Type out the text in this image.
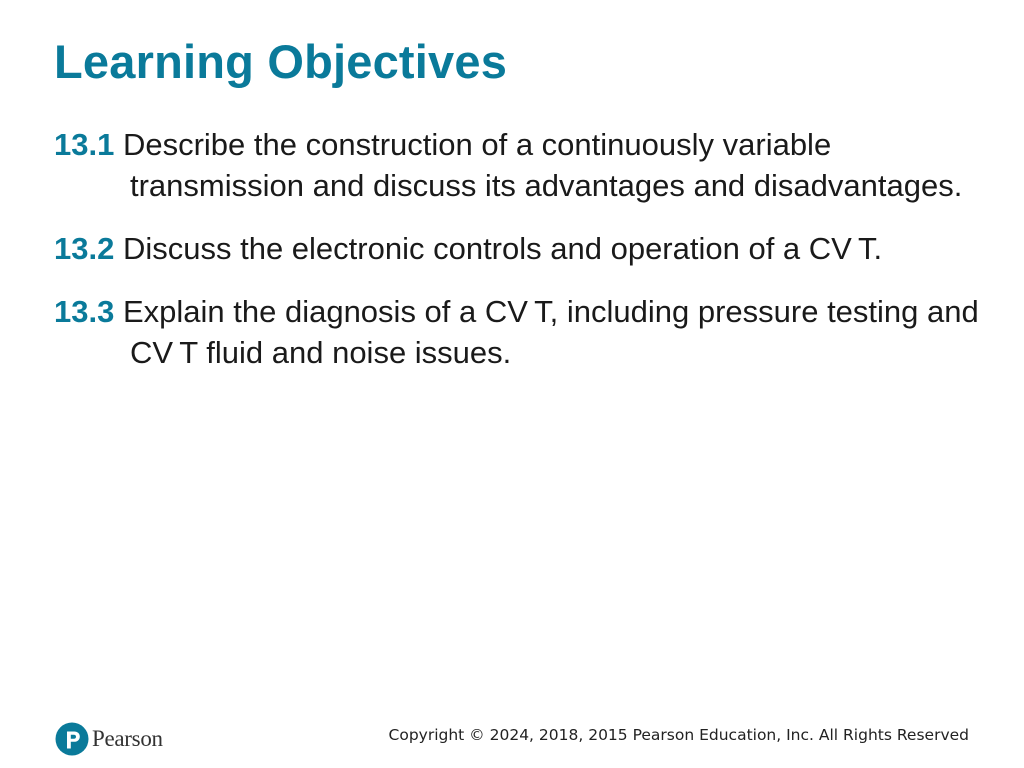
Learning Objectives
13.1 Describe the construction of a continuously variable transmission and discuss its advantages and disadvantages.
13.2 Discuss the electronic controls and operation of a CV T.
13.3 Explain the diagnosis of a CV T, including pressure testing and CV T fluid and noise issues.
Pearson	Copyright © 2024, 2018, 2015 Pearson Education, Inc. All Rights Reserved
